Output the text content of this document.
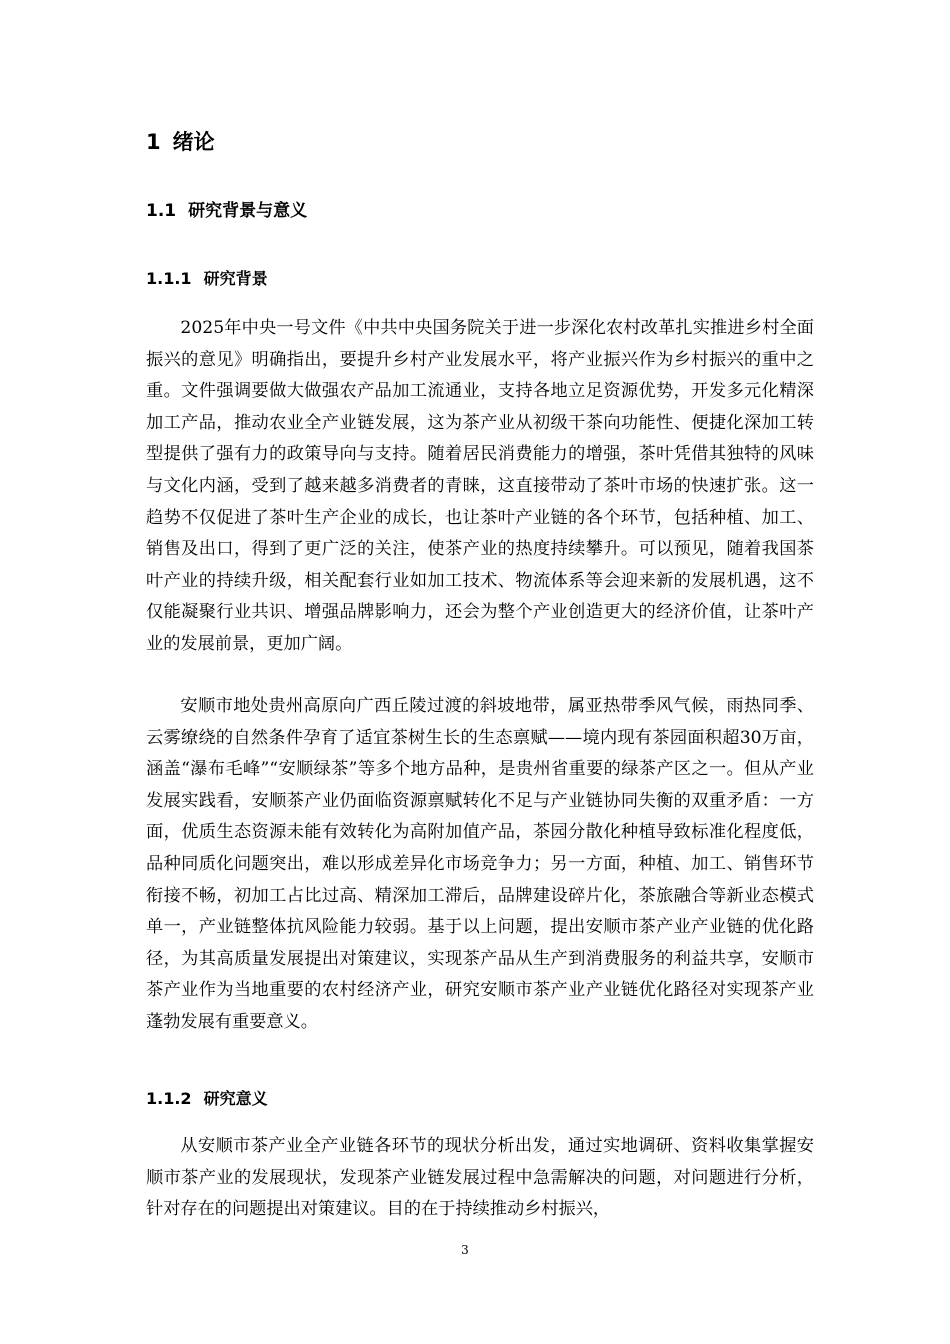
1 绪论
1.1 研究背景与意义
1.1.1 研究背景

2025年中央一号文件《中共中央国务院关于进一步深化农村改革扎实推进乡村全面振兴的意见》明确指出，要提升乡村产业发展水平，将产业振兴作为乡村振兴的重中之重。文件强调要做大做强农产品加工流通业，支持各地立足资源优势，开发多元化精深加工产品，推动农业全产业链发展，这为茶产业从初级干茶向功能性、便捷化深加工转型提供了强有力的政策导向与支持。随着居民消费能力的增强，茶叶凭借其独特的风味与文化内涵，受到了越来越多消费者的青睐，这直接带动了茶叶市场的快速扩张。这一趋势不仅促进了茶叶生产企业的成长，也让茶叶产业链的各个环节，包括种植、加工、销售及出口，得到了更广泛的关注，使茶产业的热度持续攀升。可以预见，随着我国茶叶产业的持续升级，相关配套行业如加工技术、物流体系等会迎来新的发展机遇，这不仅能凝聚行业共识、增强品牌影响力，还会为整个产业创造更大的经济价值，让茶叶产业的发展前景，更加广阔。

安顺市地处贵州高原向广西丘陵过渡的斜坡地带，属亚热带季风气候，雨热同季、云雾缭绕的自然条件孕育了适宜茶树生长的生态禀赋——境内现有茶园面积超30万亩，涵盖“瀑布毛峰”“安顺绿茶”等多个地方品种，是贵州省重要的绿茶产区之一。但从产业发展实践看，安顺茶产业仍面临资源禀赋转化不足与产业链协同失衡的双重矛盾：一方面，优质生态资源未能有效转化为高附加值产品，茶园分散化种植导致标准化程度低，品种同质化问题突出，难以形成差异化市场竞争力；另一方面，种植、加工、销售环节衔接不畅，初加工占比过高、精深加工滞后，品牌建设碎片化，茶旅融合等新业态模式单一，产业链整体抗风险能力较弱。基于以上问题，提出安顺市茶产业产业链的优化路径，为其高质量发展提出对策建议，实现茶产品从生产到消费服务的利益共享，安顺市茶产业作为当地重要的农村经济产业，研究安顺市茶产业产业链优化路径对实现茶产业蓬勃发展有重要意义。

1.1.2 研究意义

从安顺市茶产业全产业链各环节的现状分析出发，通过实地调研、资料收集掌握安顺市茶产业的发展现状，发现茶产业链发展过程中急需解决的问题，对问题进行分析，针对存在的问题提出对策建议。目的在于持续推动乡村振兴，

3
